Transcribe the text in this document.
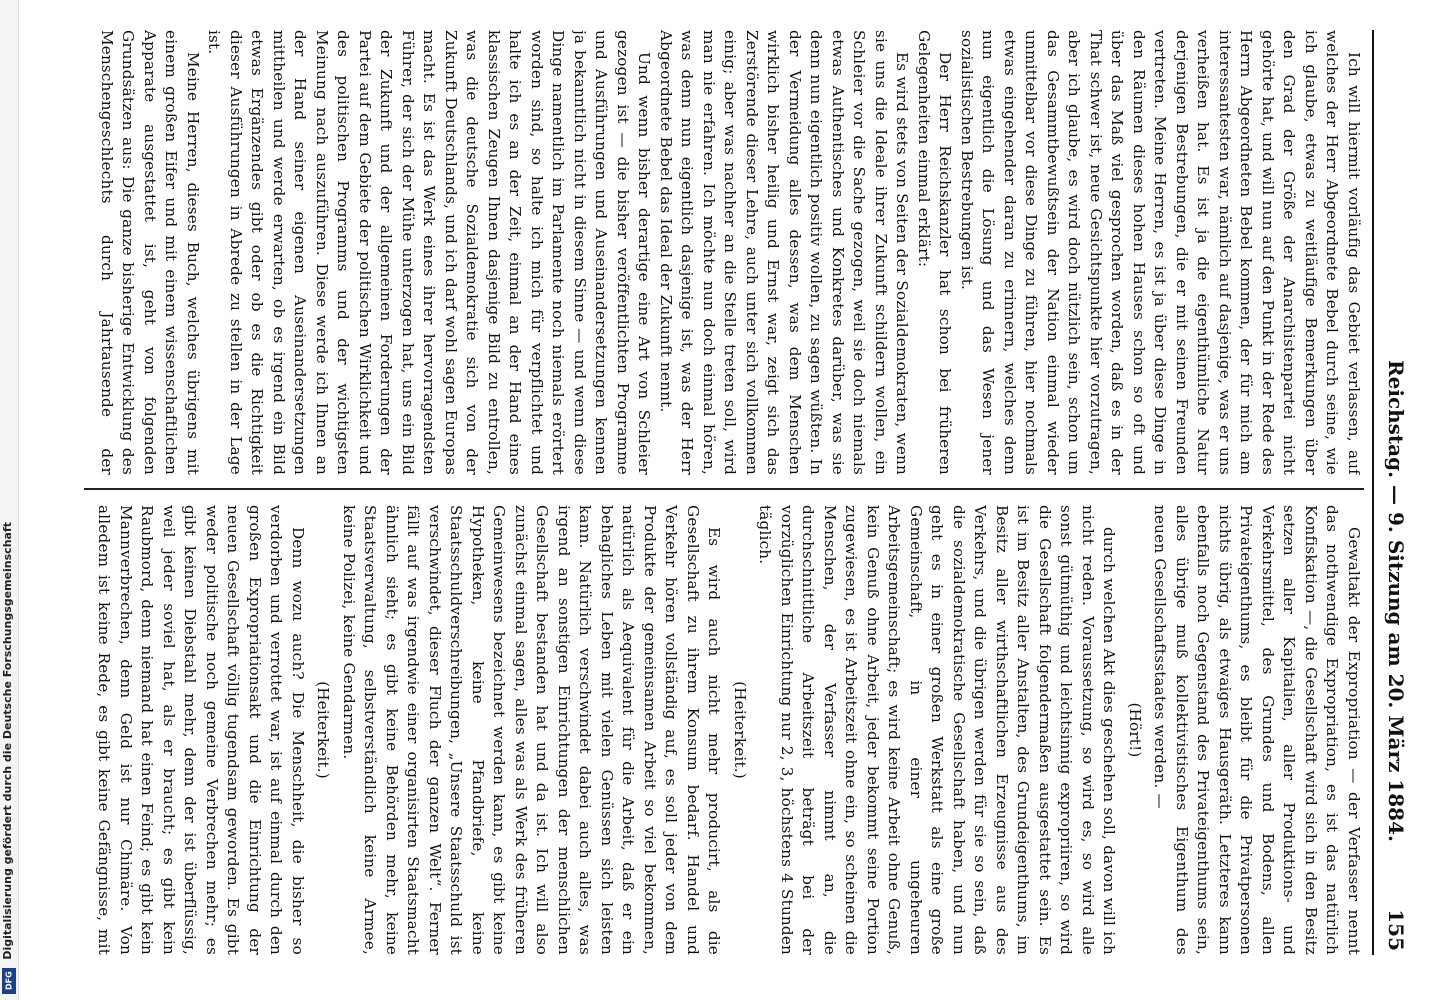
Reichstag. — 9. Sitzung am 20. März 1884.
155

Ich will hiermit vorläufig das Gebiet verlassen, auf welches der Herr Abgeordnete Bebel durch seine, wie ich glaube, etwas zu weitläufige Bemerkungen über den Grad der Größe der Anarchistenpartei nicht gehörte hat, und will nun auf den Punkt in der Rede des Herrn Abgeordneten Bebel kommen, der für mich am interessantesten war, nämlich auf dasjenige, was er uns verheißen hat. Es ist ja die eigenthümliche Natur derjenigen Bestrebungen, die er mit seinen Freunden vertreten. Meine Herren, es ist ja über diese Dinge in den Räumen dieses hohen Hauses schon so oft und über das Maß viel gesprochen worden, daß es in der That schwer ist, neue Gesichtspunkte hier vorzutragen, aber ich glaube, es wird doch nützlich sein, schon um das Gesammtbewußtsein der Nation einmal wieder unmittelbar vor diese Dinge zu führen, hier nochmals etwas eingehender daran zu erinnern, welches denn nun eigentlich die Lösung und das Wesen jener sozialistischen Bestrebungen ist.

Der Herr Reichskanzler hat schon bei früheren Gelegenheiten einmal erklärt:

Es wird stets von Seiten der Sozialdemokraten, wenn sie uns die Ideale ihrer Zukunft schildern wollen, ein Schleier vor die Sache gezogen, weil sie doch niemals etwas Authentisches und Konkretes darüber, was sie denn nun eigentlich positiv wollen, zu sagen wüßten. In der Vermeidung alles dessen, was dem Menschen wirklich bisher heilig und Ernst war, zeigt sich das Zerstörende dieser Lehre, auch unter sich vollkommen einig; aber was nachher an die Stelle treten soll, wird man nie erfahren. Ich möchte nun doch einmal hören, was denn nun eigentlich dasjenige ist, was der Herr Abgeordnete Bebel das Ideal der Zukunft nennt.

Und wenn bisher derartige eine Art von Schleier gezogen ist — die bisher veröffentlichten Programme und Ausführungen und Auseinandersetzungen kennen ja bekanntlich nicht in diesem Sinne — und wenn diese Dinge namentlich im Parlamente noch niemals erörtert worden sind, so halte ich mich für verpflichtet und halte ich es an der Zeit, einmal an der Hand eines klassischen Zeugen Ihnen dasjenige Bild zu entrollen, was die deutsche Sozialdemokratie sich von der Zukunft Deutschlands, und ich darf wohl sagen Europas macht. Es ist das Werk eines ihrer hervorragendsten Führer, der sich der Mühe unterzogen hat, uns ein Bild der Zukunft und der allgemeinen Forderungen der Partei auf dem Gebiete der politischen Wirklichkeit und des politischen Programms und der wichtigsten Meinung nach auszuführen. Diese werde ich Ihnen an der Hand seiner eigenen Auseinandersetzungen mittheilen und werde erwarten, ob es irgend ein Bild etwas Ergänzendes gibt oder ob es die Richtigkeit dieser Ausführungen in Abrede zu stellen in der Lage ist.

Meine Herren, dieses Buch, welches übrigens mit einem großen Eifer und mit einem wissenschaftlichen Apparate ausgestattet ist, geht von folgenden Grundsätzen aus: Die ganze bisherige Entwicklung des Menschengeschlechts durch Jahrtausende der

Gewaltakt der Expropriation — der Verfasser nennt das nothwendige Expropriation, es ist das natürlich Konfiskation —, die Gesellschaft wird sich in den Besitz setzen aller Kapitalien, aller Produktions- und Verkehrsmittel, des Grundes und Bodens, allen Privateigenthums, es bleibt für die Privatpersonen nichts übrig, als etwaiges Hausgeräth. Letzteres kann ebenfalls noch Gegenstand des Privateigenthums sein, alles übrige muß kollektivistisches Eigenthum des neuen Gesellschaftsstaates werden. —

(Hört!)

durch welchen Akt dies geschehen soll, davon will ich nicht reden. Voraussetzung, so wird es, so wird alle sonst gütmüthig und leichtsinnig expropriiren, so wird die Gesellschaft folgendermaßen ausgestattet sein. Es ist im Besitz aller Anstalten, des Grundeigenthums, im Besitz aller wirthschaftlichen Erzeugnisse aus des Verkehrs, und die übrigen werden für sie so sein, daß die sozialdemokratische Gesellschaft haben, und nun geht es in einer großen Werkstatt als eine große Gemeinschaft, in einer ungeheuren Arbeitsgemeinschaft; es wird keine Arbeit ohne Genuß, kein Genuß ohne Arbeit, jeder bekommt seine Portion zugewiesen, es ist Arbeitszeit ohne ein, so scheinen die Menschen, der Verfasser nimmt an, die durchschnittliche Arbeitszeit beträgt bei der vorzüglichen Einrichtung nur 2, 3, höchstens 4 Stunden täglich.

(Heiterkeit.)

Es wird auch nicht mehr producirt, als die Gesellschaft zu ihrem Konsum bedarf. Handel und Verkehr hören vollständig auf, es soll jeder von dem Produkte der gemeinsamen Arbeit so viel bekommen, natürlich als Aequivalent für die Arbeit, daß er ein behagliches Leben mit vielen Genüssen sich leisten kann. Natürlich verschwindet dabei auch alles, was irgend an sonstigen Einrichtungen der menschlichen Gesellschaft bestanden hat und da ist. Ich will also zunächst einmal sagen, alles was als Werk des früheren Gemeinwesens bezeichnet werden kann, es gibt keine Hypotheken, keine Pfandbriefe, keine Staatsschuldverschreibungen, „Unsere Staatsschuld ist verschwindet, dieser Fluch der ganzen Welt“. Ferner fällt auf was irgendwie einer organisirten Staatsmacht ähnlich sieht; es gibt keine Behörden mehr, keine Staatsverwaltung, selbstverständlich keine Armee, keine Polizei, keine Gendarmen.

(Heiterkeit.)

Denn wozu auch? Die Menschheit, die bisher so verdorben und verrottet war, ist auf einmal durch den großen Expropriationsakt und die Einrichtung der neuen Gesellschaft völlig tugendsam geworden. Es gibt weder politische noch gemeine Verbrechen mehr; es gibt keinen Diebstahl mehr, denn der ist überflüssig, weil jeder soviel hat, als er braucht; es gibt kein Raubmord, denn niemand hat einen Feind; es gibt kein Mannverbrechen, denn Geld ist nur Chimäre. Von alledem ist keine Rede, es gibt keine Gefängnisse, mit

Digitalisierung gefördert durch die Deutsche Forschungsgemeinschaft
DFG
